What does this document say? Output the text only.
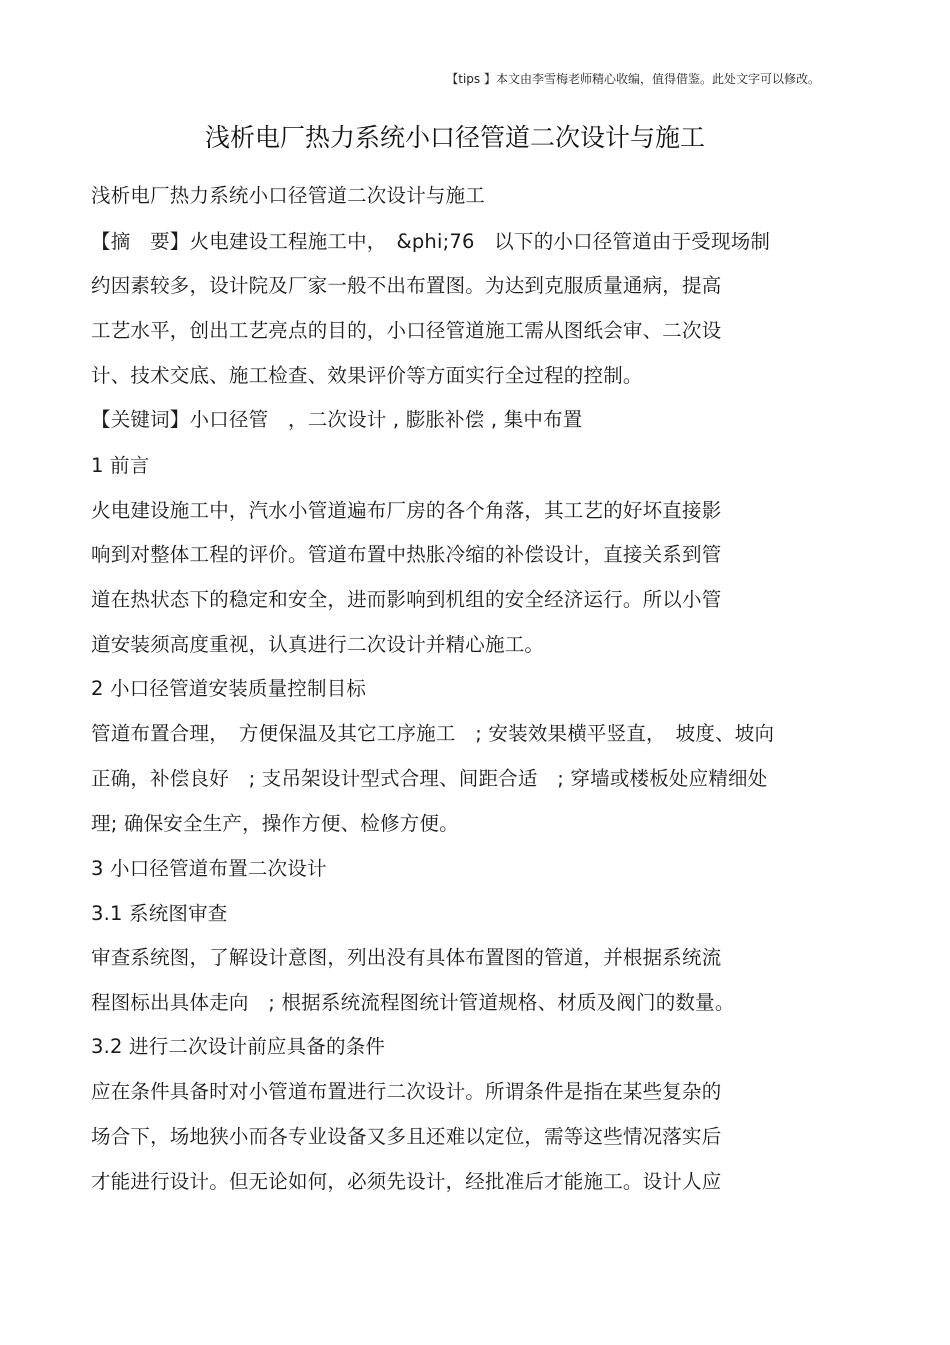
【tips 】本文由李雪梅老师精心收编，值得借鉴。此处文字可以修改。
浅析电厂热力系统小口径管道二次设计与施工
浅析电厂热力系统小口径管道二次设计与施工
【摘　要】火电建设工程施工中，　&phi;76　以下的小口径管道由于受现场制
约因素较多，设计院及厂家一般不出布置图。为达到克服质量通病，提高
工艺水平，创出工艺亮点的目的，小口径管道施工需从图纸会审、二次设
计、技术交底、施工检查、效果评价等方面实行全过程的控制。
【关键词】小口径管　，二次设计 , 膨胀补偿 , 集中布置
1 前言
火电建设施工中，汽水小管道遍布厂房的各个角落，其工艺的好坏直接影
响到对整体工程的评价。管道布置中热胀冷缩的补偿设计，直接关系到管
道在热状态下的稳定和安全，进而影响到机组的安全经济运行。所以小管
道安装须高度重视，认真进行二次设计并精心施工。
2 小口径管道安装质量控制目标
管道布置合理，　方便保温及其它工序施工　; 安装效果横平竖直，　坡度、坡向
正确，补偿良好　; 支吊架设计型式合理、间距合适　; 穿墙或楼板处应精细处
理; 确保安全生产，操作方便、检修方便。
3 小口径管道布置二次设计
3.1 系统图审查
审查系统图，了解设计意图，列出没有具体布置图的管道，并根据系统流
程图标出具体走向　; 根据系统流程图统计管道规格、材质及阀门的数量。
3.2 进行二次设计前应具备的条件
应在条件具备时对小管道布置进行二次设计。所谓条件是指在某些复杂的
场合下，场地狭小而各专业设备又多且还难以定位，需等这些情况落实后
才能进行设计。但无论如何，必须先设计，经批准后才能施工。设计人应
